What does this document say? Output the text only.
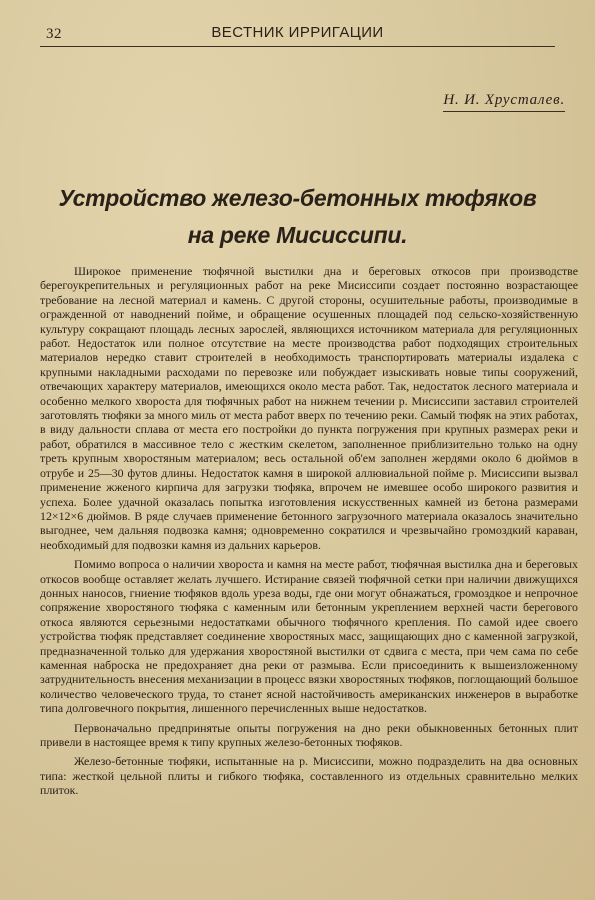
32	ВЕСТНИК ИРРИГАЦИИ
Н. И. Хрусталев.
Устройство железо-бетонных тюфяков
на реке Мисиссипи.

Широкое применение тюфячной выстилки дна и береговых откосов при производстве берегоукрепительных и регуляционных работ на реке Мисиссипи создает постоянно возрастающее требование на лесной материал и камень. С другой стороны, осушительные работы, производимые в огражденной от наводнений пойме, и обращение осушенных площадей под сельско-хозяйственную культуру сокращают площадь лесных зарослей, являющихся источником материала для регуляционных работ. Недостаток или полное отсутствие на месте производства работ подходящих строительных материалов нередко ставит строителей в необходимость транспортировать материалы издалека с крупными накладными расходами по перевозке или побуждает изыскивать новые типы сооружений, отвечающих характеру материалов, имеющихся около места работ. Так, недостаток лесного материала и особенно мелкого хвороста для тюфячных работ на нижнем течении р. Мисиссипи заставил строителей заготовлять тюфяки за много миль от места работ вверх по течению реки. Самый тюфяк на этих работах, в виду дальности сплава от места его постройки до пункта погружения при крупных размерах реки и работ, обратился в массивное тело с жестким скелетом, заполненное приблизительно только на одну треть крупным хворостяным материалом; весь остальной об'ем заполнен жердями около 6 дюймов в отрубе и 25—30 футов длины. Недостаток камня в широкой аллювиальной пойме р. Мисиссипи вызвал применение жженого кирпича для загрузки тюфяка, впрочем не имевшее особо широкого развития и успеха. Более удачной оказалась попытка изготовления искусственных камней из бетона размерами 12×12×6 дюймов. В ряде случаев применение бетонного загрузочного материала оказалось значительно выгоднее, чем дальняя подвозка камня; одновременно сократился и чрезвычайно громоздкий караван, необходимый для подвозки камня из дальних карьеров.

Помимо вопроса о наличии хвороста и камня на месте работ, тюфячная выстилка дна и береговых откосов вообще оставляет желать лучшего. Истирание связей тюфячной сетки при наличии движущихся донных наносов, гниение тюфяков вдоль уреза воды, где они могут обнажаться, громоздкое и непрочное сопряжение хворостяного тюфяка с каменным или бетонным укреплением верхней части берегового откоса являются серьезными недостатками обычного тюфячного крепления. По самой идее своего устройства тюфяк представляет соединение хворостяных масс, защищающих дно с каменной загрузкой, предназначенной только для удержания хворостяной выстилки от сдвига с места, при чем сама по себе каменная наброска не предохраняет дна реки от размыва. Если присоединить к вышеизложенному затруднительность внесения механизации в процесс вязки хворостяных тюфяков, поглощающий большое количество человеческого труда, то станет ясной настойчивость американских инженеров в выработке типа долговечного покрытия, лишенного перечисленных выше недостатков.

Первоначально предпринятые опыты погружения на дно реки обыкновенных бетонных плит привели в настоящее время к типу крупных железо-бетонных тюфяков.

Железо-бетонные тюфяки, испытанные на р. Мисиссипи, можно подразделить на два основных типа: жесткой цельной плиты и гибкого тюфяка, составленного из отдельных сравнительно мелких плиток.
